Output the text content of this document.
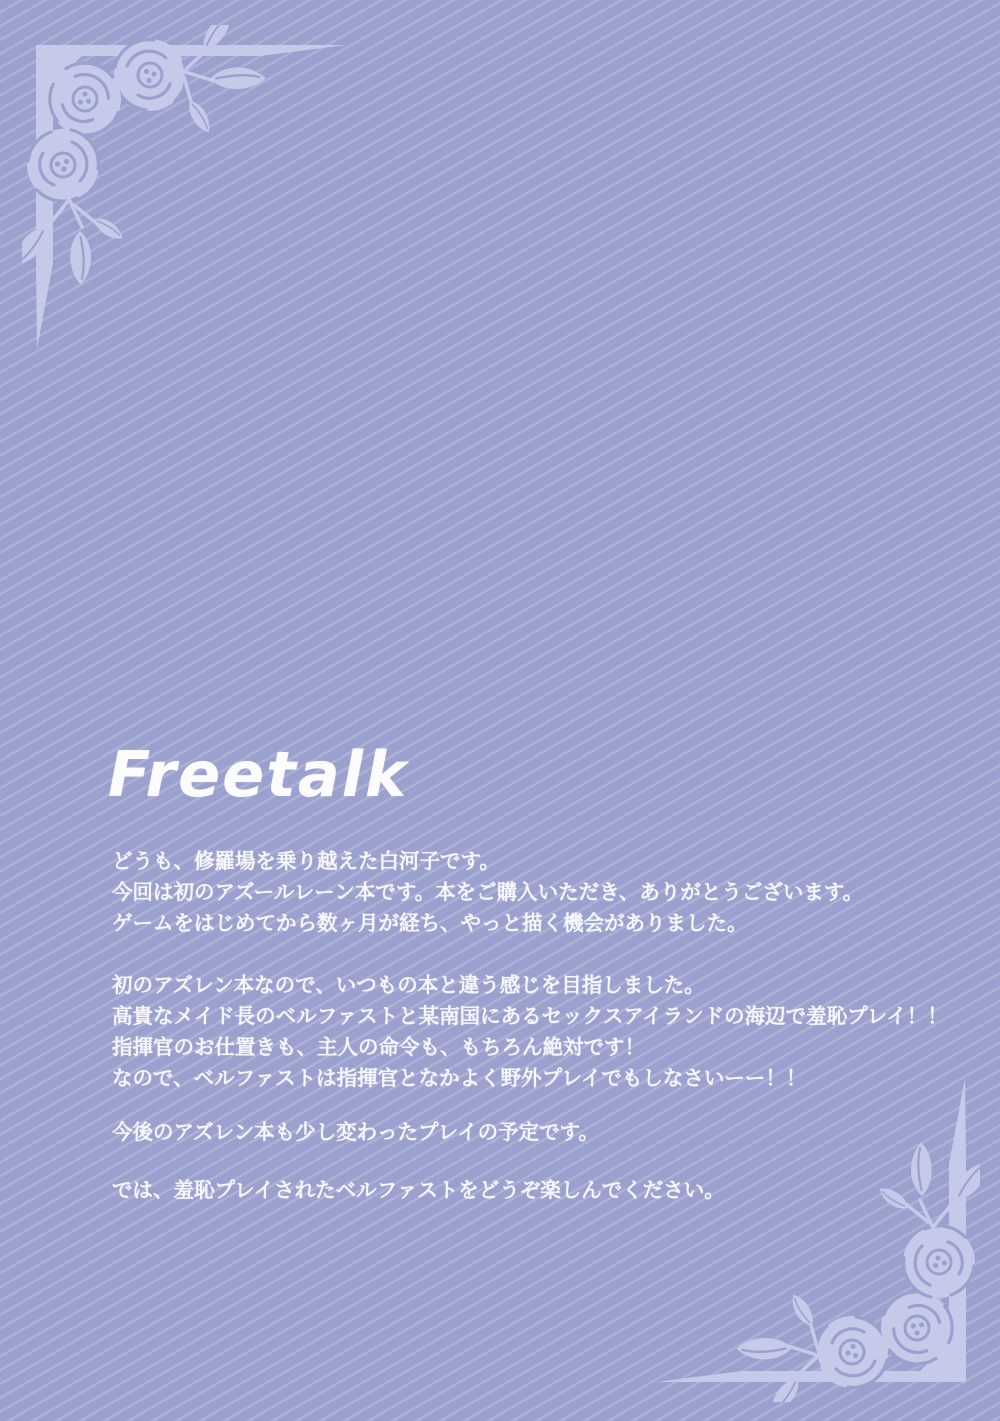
Freetalk

どうも、修羅場を乗り越えた白河子です。
今回は初のアズールレーン本です。本をご購入いただき、ありがとうございます。
ゲームをはじめてから数ヶ月が経ち、やっと描く機会がありました。

初のアズレン本なので、いつもの本と違う感じを目指しました。
高貴なメイド長のベルファストと某南国にあるセックスアイランドの海辺で羞恥プレイ！！
指揮官のお仕置きも、主人の命令も、もちろん絶対です！
なので、ベルファストは指揮官となかよく野外プレイでもしなさいーー！！

今後のアズレン本も少し変わったプレイの予定です。

では、羞恥プレイされたベルファストをどうぞ楽しんでください。
